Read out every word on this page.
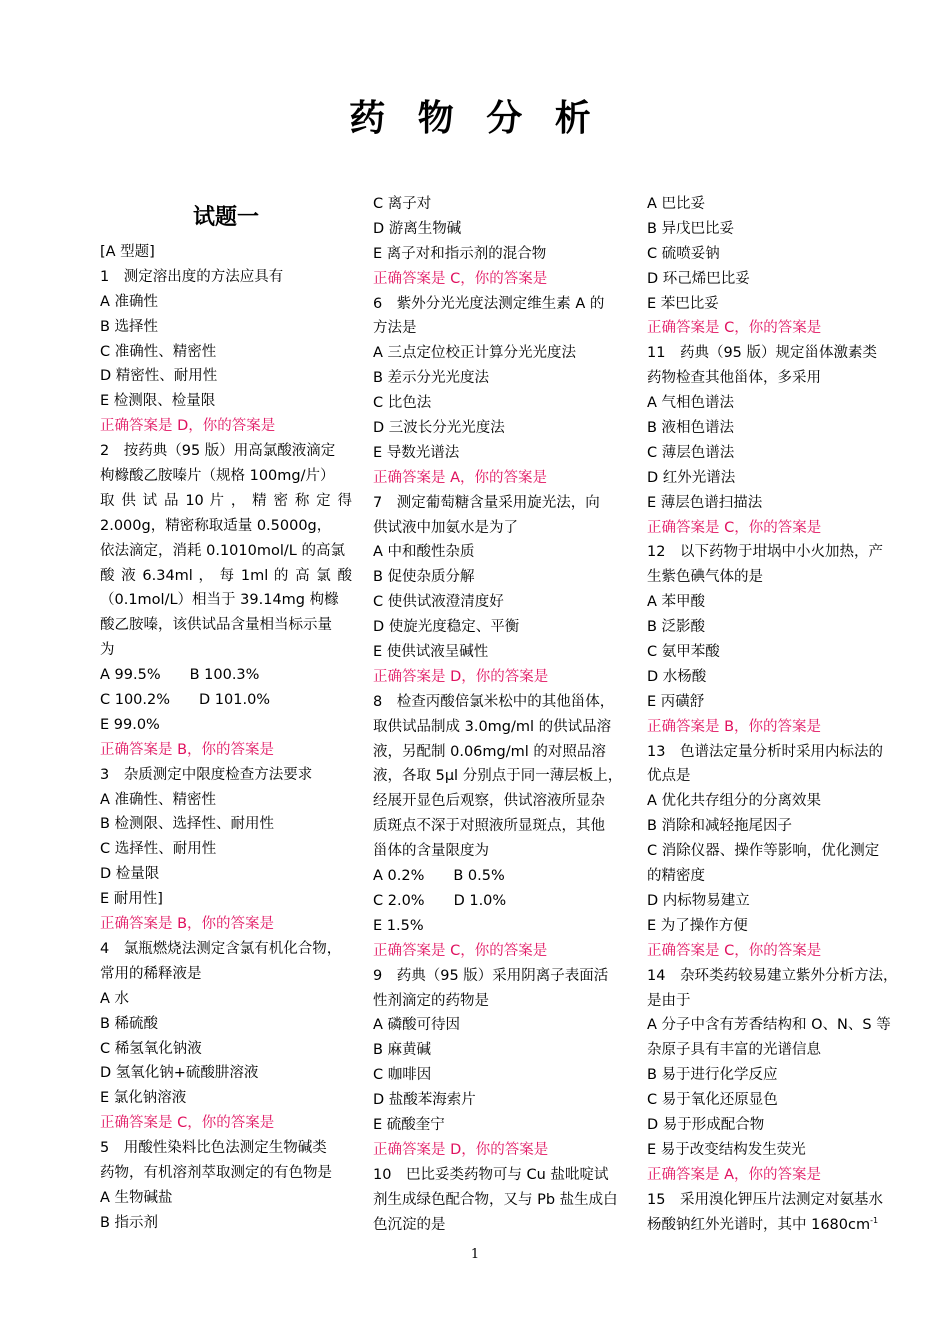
药 物 分 析
试题一
[A 型题]
1　测定溶出度的方法应具有
A 准确性
B 选择性
C 准确性、精密性
D 精密性、耐用性
E 检测限、检量限
正确答案是 D，你的答案是
2　按药典（95 版）用高氯酸液滴定
枸橼酸乙胺嗪片（规格 100mg/片）
取 供 试 品 10 片 ， 精 密 称 定 得
2.000g，精密称取适量 0.5000g，
依法滴定，消耗 0.1010mol/L 的高氯
酸 液 6.34ml ， 每 1ml 的 高 氯 酸
（0.1mol/L）相当于 39.14mg 枸橼
酸乙胺嗪，该供试品含量相当标示量
为
A 99.5%　　B 100.3%
C 100.2%　　D 101.0%
E 99.0%
正确答案是 B，你的答案是
3　杂质测定中限度检查方法要求
A 准确性、精密性
B 检测限、选择性、耐用性
C 选择性、耐用性
D 检量限
E 耐用性]
正确答案是 B，你的答案是
4　氯瓶燃烧法测定含氯有机化合物，
常用的稀释液是
A 水
B 稀硫酸
C 稀氢氧化钠液
D 氢氧化钠+硫酸肼溶液
E 氯化钠溶液
正确答案是 C，你的答案是
5　用酸性染料比色法测定生物碱类
药物，有机溶剂萃取测定的有色物是
A 生物碱盐
B 指示剂
C 离子对
D 游离生物碱
E 离子对和指示剂的混合物
正确答案是 C，你的答案是
6　紫外分光光度法测定维生素 A 的
方法是
A 三点定位校正计算分光光度法
B 差示分光光度法
C 比色法
D 三波长分光光度法
E 导数光谱法
正确答案是 A，你的答案是
7　测定葡萄糖含量采用旋光法，向
供试液中加氨水是为了
A 中和酸性杂质
B 促使杂质分解
C 使供试液澄清度好
D 使旋光度稳定、平衡
E 使供试液呈碱性
正确答案是 D，你的答案是
8　检查丙酸倍氯米松中的其他甾体，
取供试品制成 3.0mg/ml 的供试品溶
液，另配制 0.06mg/ml 的对照品溶
液，各取 5μl 分别点于同一薄层板上，
经展开显色后观察，供试溶液所显杂
质斑点不深于对照液所显斑点，其他
甾体的含量限度为
A 0.2%　　B 0.5%
C 2.0%　　D 1.0%
E 1.5%
正确答案是 C，你的答案是
9　药典（95 版）采用阴离子表面活
性剂滴定的药物是
A 磷酸可待因
B 麻黄碱
C 咖啡因
D 盐酸苯海索片
E 硫酸奎宁
正确答案是 D，你的答案是
10　巴比妥类药物可与 Cu 盐吡啶试
剂生成绿色配合物，又与 Pb 盐生成白
色沉淀的是
A 巴比妥
B 异戊巴比妥
C 硫喷妥钠
D 环己烯巴比妥
E 苯巴比妥
正确答案是 C，你的答案是
11　药典（95 版）规定甾体激素类
药物检查其他甾体，多采用
A 气相色谱法
B 液相色谱法
C 薄层色谱法
D 红外光谱法
E 薄层色谱扫描法
正确答案是 C，你的答案是
12　以下药物于坩埚中小火加热，产
生紫色碘气体的是
A 苯甲酸
B 泛影酸
C 氨甲苯酸
D 水杨酸
E 丙磺舒
正确答案是 B，你的答案是
13　色谱法定量分析时采用内标法的
优点是
A 优化共存组分的分离效果
B 消除和减轻拖尾因子
C 消除仪器、操作等影响，优化测定
的精密度
D 内标物易建立
E 为了操作方便
正确答案是 C，你的答案是
14　杂环类药较易建立紫外分析方法，
是由于
A 分子中含有芳香结构和 O、N、S 等
杂原子具有丰富的光谱信息
B 易于进行化学反应
C 易于氧化还原显色
D 易于形成配合物
E 易于改变结构发生荧光
正确答案是 A，你的答案是
15　采用溴化钾压片法测定对氨基水
杨酸钠红外光谱时，其中 $1680cm^{-1}$
1
